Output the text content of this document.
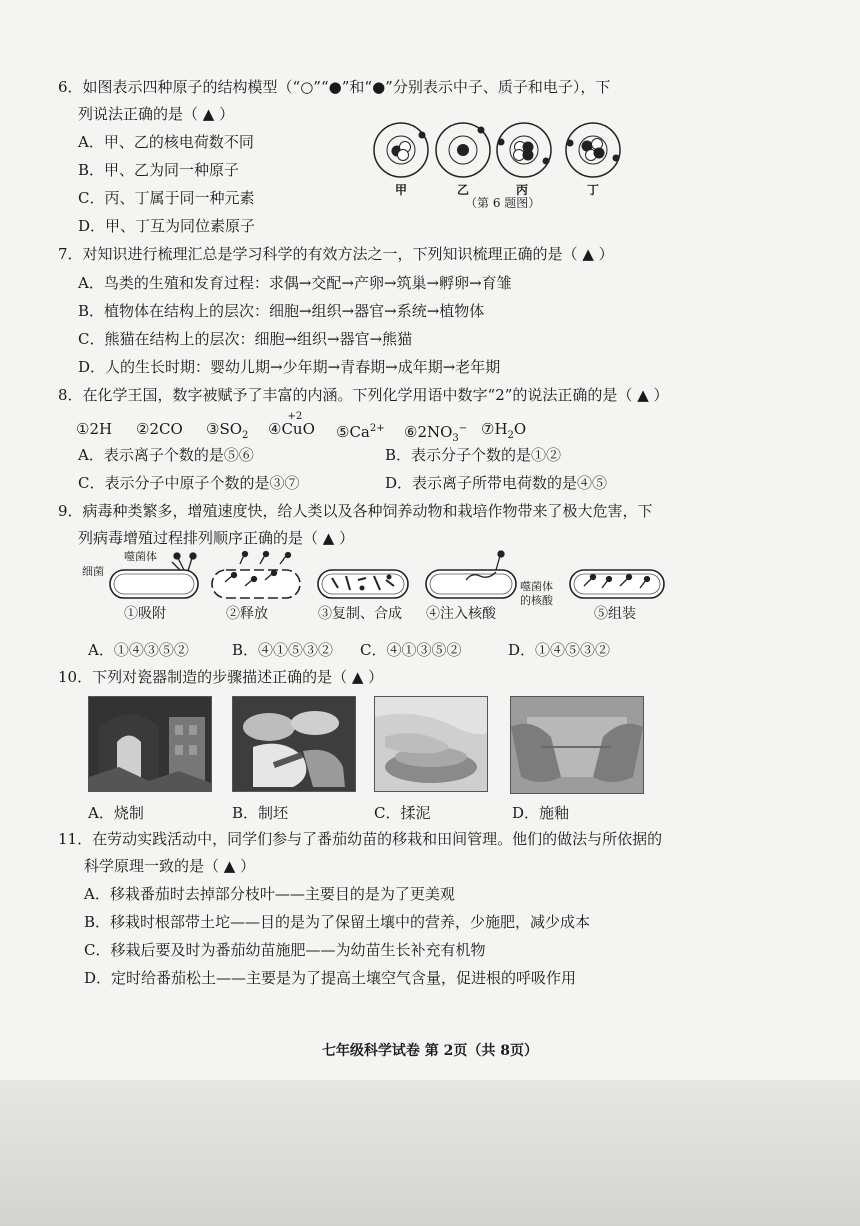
6．如图表示四种原子的结构模型（“○”“●”和“●”分别表示中子、质子和电子），下
列说法正确的是（ ▲ ）
A．甲、乙的核电荷数不同
B．甲、乙为同一种原子
C．丙、丁属于同一种元素
D．甲、丁互为同位素原子
甲	乙	丙	丁
（第 6 题图）
7．对知识进行梳理汇总是学习科学的有效方法之一，下列知识梳理正确的是（ ▲ ）
A．鸟类的生殖和发育过程：求偶→交配→产卵→筑巢→孵卵→育雏
B．植物体在结构上的层次：细胞→组织→器官→系统→植物体
C．熊猫在结构上的层次：细胞→组织→器官→熊猫
D．人的生长时期：婴幼儿期→少年期→青春期→成年期→老年期
8．在化学王国，数字被赋予了丰富的内涵。下列化学用语中数字“2”的说法正确的是（ ▲ ）
①2H ②2CO $③SO_2$ ④
+2
CuO $⑤Ca^{2+}$ $⑥2NO_3^-$ $⑦H_2O$
A．表示离子个数的是⑤⑥	B．表示分子个数的是①②
C．表示分子中原子个数的是③⑦	D．表示离子所带电荷数的是④⑤
9．病毒种类繁多，增殖速度快，给人类以及各种饲养动物和栽培作物带来了极大危害，下
列病毒增殖过程排列顺序正确的是（ ▲ ）
噬菌体
细菌
噬菌体
的核酸
①吸附	②释放	③复制、合成 ④注入核酸	⑤组装
A．①④③⑤②	B．④①⑤③② C．④①③⑤②	D．①④⑤③②
10．下列对瓷器制造的步骤描述正确的是（ ▲ ）
A．烧制	B．制坯	C．揉泥	D．施釉
11．在劳动实践活动中，同学们参与了番茄幼苗的移栽和田间管理。他们的做法与所依据的
科学原理一致的是（ ▲ ）
A．移栽番茄时去掉部分枝叶——主要目的是为了更美观
B．移栽时根部带土坨——目的是为了保留土壤中的营养，少施肥，减少成本
C．移栽后要及时为番茄幼苗施肥——为幼苗生长补充有机物
D．定时给番茄松土——主要是为了提高土壤空气含量，促进根的呼吸作用
七年级科学试卷 第 2页（共 8页）
